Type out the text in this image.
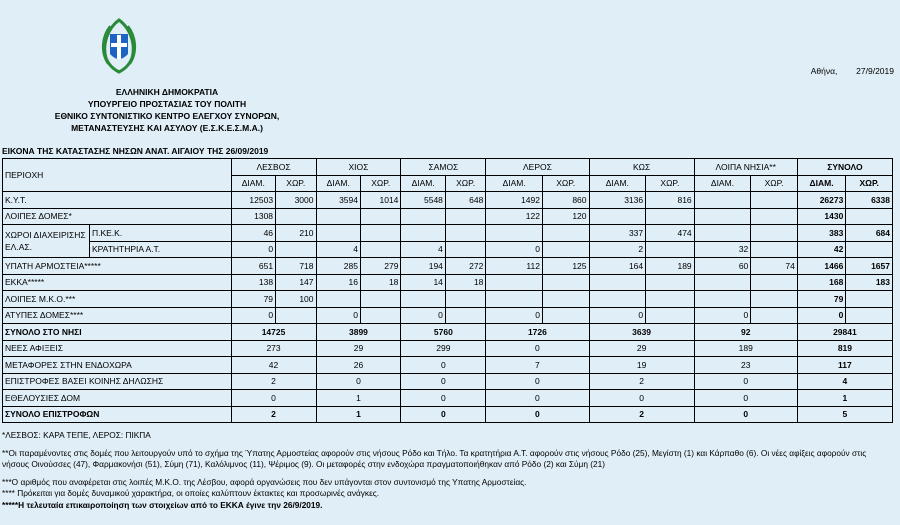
ΕΛΛΗΝΙΚΗ ΔΗΜΟΚΡΑΤΙΑ
ΥΠΟΥΡΓΕΙΟ ΠΡΟΣΤΑΣΙΑΣ ΤΟΥ ΠΟΛΙΤΗ
ΕΘΝΙΚΟ ΣΥΝΤΟΝΙΣΤΙΚΟ ΚΕΝΤΡΟ ΕΛΕΓΧΟΥ ΣΥΝΟΡΩΝ,
ΜΕΤΑΝΑΣΤΕΥΣΗΣ ΚΑΙ ΑΣΥΛΟΥ (Ε.Σ.Κ.Ε.Σ.Μ.Α.)
ΕΙΚΟΝΑ ΤΗΣ ΚΑΤΑΣΤΑΣΗΣ ΝΗΣΩΝ ΑΝΑΤ. ΑΙΓΑΙΟΥ ΤΗΣ 26/09/2019
Αθήνα, 27/9/2019
ΠΕΡΙΟΧΗ		ΛΕΣΒΟΣ		ΧΙΟΣ		ΣΑΜΟΣ		ΛΕΡΟΣ		ΚΩΣ		ΛΟΙΠΑ ΝΗΣΙΑ**		ΣΥΝΟΛΟ	
		ΔΙΑΜ.	ΧΩΡ.	ΔΙΑΜ.	ΧΩΡ.	ΔΙΑΜ.	ΧΩΡ.	ΔΙΑΜ.	ΧΩΡ.	ΔΙΑΜ.	ΧΩΡ.	ΔΙΑΜ.	ΧΩΡ.	ΔΙΑΜ.	ΧΩΡ.
Κ.Υ.Τ.		12503	3000	3594	1014	5548	648	1492	860	3136	816			26273	6338
ΛΟΙΠΕΣ ΔΟΜΕΣ*		1308						122	120					1430	
ΧΩΡΟΙ ΔΙΑΧΕΙΡΙΣΗΣ ΕΛ.ΑΣ.	Π.ΚΕ.Κ.	46	210							337	474			383	684
	ΚΡΑΤΗΤΗΡΙΑ Α.Τ.	0		4		4		0		2		32		42	
ΥΠΑΤΗ ΑΡΜΟΣΤΕΙΑ*****		651	718	285	279	194	272	112	125	164	189	60	74	1466	1657
ΕΚΚΑ*****		138	147	16	18	14	18							168	183
ΛΟΙΠΕΣ Μ.Κ.Ο.***		79	100											79	
ΑΤΥΠΕΣ ΔΟΜΕΣ****		0		0		0		0		0		0		0	
ΣΥΝΟΛΟ ΣΤΟ ΝΗΣΙ		14725		3899		5760		1726		3639		92		29841	
ΝΕΕΣ ΑΦΙΞΕΙΣ		273		29		299		0		29		189		819	
ΜΕΤΑΦΟΡΕΣ ΣΤΗΝ ΕΝΔΟΧΩΡΑ		42		26		0		7		19		23		117	
ΕΠΙΣΤΡΟΦΕΣ ΒΑΣΕΙ ΚΟΙΝΗΣ ΔΗΛΩΣΗΣ		2		0		0		0		2		0		4	
ΕΘΕΛΟΥΣΙΕΣ ΔΟΜ		0		1		0		0		0		0		1	
ΣΥΝΟΛΟ ΕΠΙΣΤΡΟΦΩΝ		2		1		0		0		2		0		5	

*ΛΕΣΒΟΣ: ΚΑΡΑ ΤΕΠΕ, ΛΕΡΟΣ: ΠΙΚΠΑ

**Οι παραμένοντες στις δομές που λειτουργούν υπό το σχήμα της Ύπατης Αρμοστείας αφορούν στις νήσους Ρόδο και Τήλο. Τα κρατητήρια Α.Τ. αφορούν στις νήσους Ρόδο (25), Μεγίστη (1) και Κάρπαθο (6). Οι νέες αφίξεις αφορούν στις νήσους Οινούσσες (47), Φαρμακονήσι (51), Σύμη (71), Καλόλιμνος (11), Ψέριμος (9). Οι μεταφορές στην ενδοχώρα πραγματοποιήθηκαν από Ρόδο (2) και Σύμη (21)

***Ο αριθμός που αναφέρεται στις λοιπές Μ.Κ.Ο. της Λέσβου, αφορά οργανώσεις που δεν υπάγονται στον συντονισμό της Υπατης Αρμοστείας.

**** Πρόκειται για δομές δυναμικού χαρακτήρα, οι οποίες καλύπτουν έκτακτες και προσωρινές ανάγκες.

*****Η τελευταία επικαιροποίηση των στοιχείων από το ΕΚΚΑ έγινε την 26/9/2019.
